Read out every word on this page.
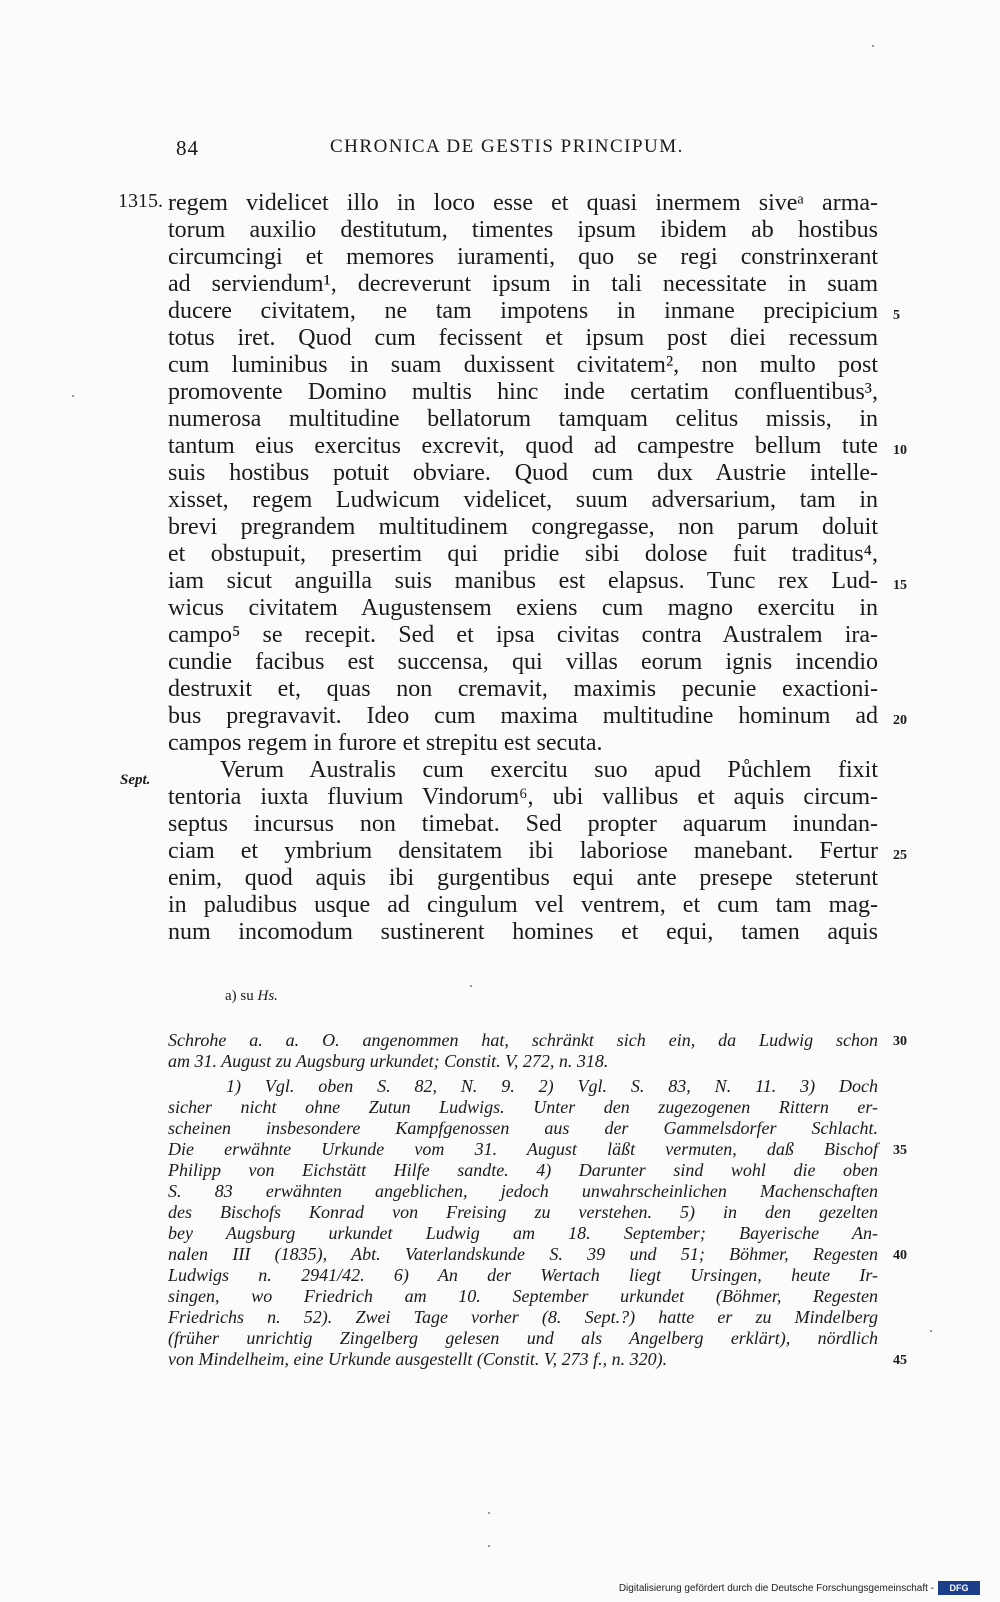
84	CHRONICA DE GESTIS PRINCIPUM.
1315.
Sept.
regem videlicet illo in loco esse et quasi inermem siveᵃ arma-
torum auxilio destitutum, timentes ipsum ibidem ab hostibus
circumcingi et memores iuramenti, quo se regi constrinxerant
ad serviendum¹, decreverunt ipsum in tali necessitate in suam
ducere civitatem, ne tam impotens in inmane precipicium
totus iret. Quod cum fecissent et ipsum post diei recessum
cum luminibus in suam duxissent civitatem², non multo post
promovente Domino multis hinc inde certatim confluentibus³,
numerosa multitudine bellatorum tamquam celitus missis, in
tantum eius exercitus excrevit, quod ad campestre bellum tute
suis hostibus potuit obviare. Quod cum dux Austrie intelle-
xisset, regem Ludwicum videlicet, suum adversarium, tam in
brevi pregrandem multitudinem congregasse, non parum doluit
et obstupuit, presertim qui pridie sibi dolose fuit traditus⁴,
iam sicut anguilla suis manibus est elapsus. Tunc rex Lud-
wicus civitatem Augustensem exiens cum magno exercitu in
campo⁵ se recepit. Sed et ipsa civitas contra Australem ira-
cundie facibus est succensa, qui villas eorum ignis incendio
destruxit et, quas non cremavit, maximis pecunie exactioni-
bus pregravavit. Ideo cum maxima multitudine hominum ad
campos regem in furore et strepitu est secuta.
Verum Australis cum exercitu suo apud Půchlem fixit
tentoria iuxta fluvium Vindorum⁶, ubi vallibus et aquis circum-
septus incursus non timebat. Sed propter aquarum inundan-
ciam et ymbrium densitatem ibi laboriose manebant. Fertur
enim, quod aquis ibi gurgentibus equi ante presepe steterunt
in paludibus usque ad cingulum vel ventrem, et cum tam mag-
num incomodum sustinerent homines et equi, tamen aquis
5
10
15
20
25
a) su Hs.
Schrohe a. a. O. angenommen hat, schränkt sich ein, da Ludwig schon
am 31. August zu Augsburg urkundet; Constit. V, 272, n. 318.
1) Vgl. oben S. 82, N. 9. 2) Vgl. S. 83, N. 11. 3) Doch
sicher nicht ohne Zutun Ludwigs. Unter den zugezogenen Rittern er-
scheinen insbesondere Kampfgenossen aus der Gammelsdorfer Schlacht.
Die erwähnte Urkunde vom 31. August läßt vermuten, daß Bischof
Philipp von Eichstätt Hilfe sandte. 4) Darunter sind wohl die oben
S. 83 erwähnten angeblichen, jedoch unwahrscheinlichen Machenschaften
des Bischofs Konrad von Freising zu verstehen. 5) in den gezelten
bey Augsburg urkundet Ludwig am 18. September; Bayerische An-
nalen III (1835), Abt. Vaterlandskunde S. 39 und 51; Böhmer, Regesten
Ludwigs n. 2941/42. 6) An der Wertach liegt Ursingen, heute Ir-
singen, wo Friedrich am 10. September urkundet (Böhmer, Regesten
Friedrichs n. 52). Zwei Tage vorher (8. Sept.?) hatte er zu Mindelberg
(früher unrichtig Zingelberg gelesen und als Angelberg erklärt), nördlich
von Mindelheim, eine Urkunde ausgestellt (Constit. V, 273 f., n. 320).
30
35
40
45
Digitalisierung gefördert durch die Deutsche Forschungsgemeinschaft -	DFG
